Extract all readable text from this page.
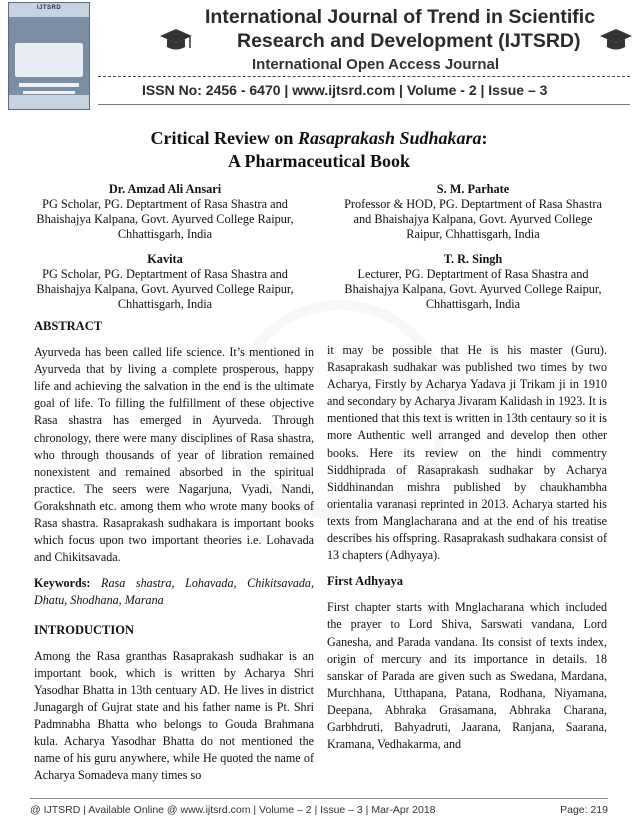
IJTSRD	International Journal of Trend in Scientific
Research and Development (IJTSRD)
International Open Access Journal
ISSN No: 2456 - 6470 | www.ijtsrd.com | Volume - 2 | Issue – 3
Critical Review on Rasaprakash Sudhakara:
A Pharmaceutical Book
Dr. Amzad Ali Ansari
PG Scholar, PG. Deptartment of Rasa Shastra and
Bhaishajya Kalpana, Govt. Ayurved College Raipur,
Chhattisgarh, India
S. M. Parhate
Professor & HOD, PG. Deptartment of Rasa Shastra
and Bhaishajya Kalpana, Govt. Ayurved College
Raipur, Chhattisgarh, India
Kavita
PG Scholar, PG. Deptartment of Rasa Shastra and
Bhaishajya Kalpana, Govt. Ayurved College Raipur,
Chhattisgarh, India
T. R. Singh
Lecturer, PG. Deptartment of Rasa Shastra and
Bhaishajya Kalpana, Govt. Ayurved College Raipur,
Chhattisgarh, India
ABSTRACT
Ayurveda has been called life science. It’s mentioned in Ayurveda that by living a complete prosperous, happy life and achieving the salvation in the end is the ultimate goal of life. To filling the fulfillment of these objective Rasa shastra has emerged in Ayurveda. Through chronology, there were many disciplines of Rasa shastra, who through thousands of year of libration remained nonexistent and remained absorbed in the spiritual practice. The seers were Nagarjuna, Vyadi, Nandi, Gorakshnath etc. among them who wrote many books of Rasa shastra. Rasaprakash sudhakara is important books which focus upon two important theories i.e. Lohavada and Chikitsavada.
Keywords: Rasa shastra, Lohavada, Chikitsavada, Dhatu, Shodhana, Marana
INTRODUCTION
Among the Rasa granthas Rasaprakash sudhakar is an important book, which is written by Acharya Shri Yasodhar Bhatta in 13th centuary AD. He lives in district Junagargh of Gujrat state and his father name is Pt. Shri Padmnabha Bhatta who belongs to Gouda Brahmana kula. Acharya Yasodhar Bhatta do not mentioned the name of his guru anywhere, while He quoted the name of Acharya Somadeva many times so
it may be possible that He is his master (Guru). Rasaprakash sudhakar was published two times by two Acharya, Firstly by Acharya Yadava ji Trikam ji in 1910 and secondary by Acharya Jivaram Kalidash in 1923. It is mentioned that this text is written in 13th centaury so it is more Authentic well arranged and develop then other books. Here its review on the hindi commentry Siddhiprada of Rasaprakash sudhakar by Acharya Siddhinandan mishra published by chaukhambha orientalia varanasi reprinted in 2013. Acharya started his texts from Manglacharana and at the end of his treatise describes his offspring. Rasaprakash sudhakara consist of 13 chapters (Adhyaya).
First Adhyaya
First chapter starts with Mnglacharana which included the prayer to Lord Shiva, Sarswati vandana, Lord Ganesha, and Parada vandana. Its consist of texts index, origin of mercury and its importance in details. 18 sanskar of Parada are given such as Swedana, Mardana, Murchhana, Utthapana, Patana, Rodhana, Niyamana, Deepana, Abhraka Grasamana, Abhraka Charana, Garbhdruti, Bahyadruti, Jaarana, Ranjana, Saarana, Kramana, Vedhakarma, and
@ IJTSRD | Available Online @ www.ijtsrd.com | Volume – 2 | Issue – 3 | Mar-Apr 2018	Page: 219
